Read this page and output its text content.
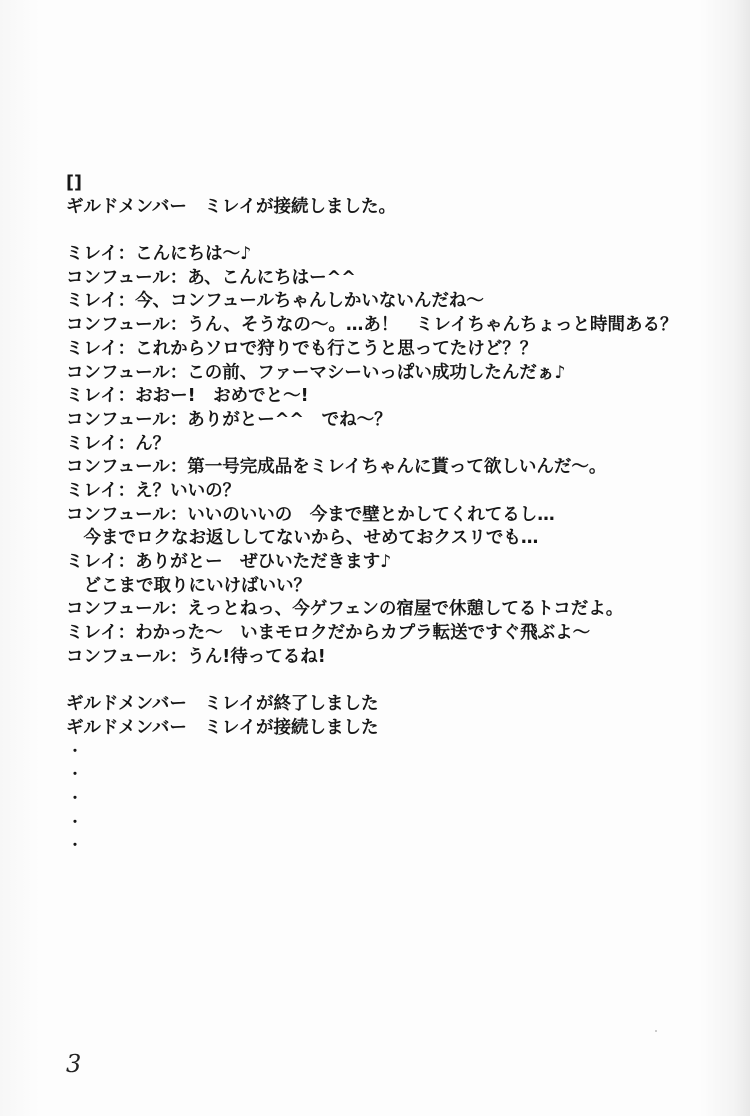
[]
ギルドメンバー　ミレイが接続しました。
ミレイ：こんにちは～♪
コンフュール：あ、こんにちはー^^
ミレイ：今、コンフュールちゃんしかいないんだね～
コンフュール：うん、そうなの～。…あ！　ミレイちゃんちょっと時間ある？
ミレイ：これからソロで狩りでも行こうと思ってたけど？？
コンフュール：この前、ファーマシーいっぱい成功したんだぁ♪
ミレイ：おおー!　おめでと～!
コンフュール：ありがとー^^　でね～？
ミレイ：ん？
コンフュール：第一号完成品をミレイちゃんに貰って欲しいんだ～。
ミレイ：え？いいの？
コンフュール：いいのいいの　今まで壁とかしてくれてるし…
　今までロクなお返ししてないから、せめておクスリでも…
ミレイ：ありがとー　ぜひいただきます♪
　どこまで取りにいけばいい？
コンフュール：えっとねっ、今ゲフェンの宿屋で休憩してるトコだよ。
ミレイ：わかった～　いまモロクだからカプラ転送ですぐ飛ぶよ～
コンフュール：うん!待ってるね!
ギルドメンバー　ミレイが終了しました
ギルドメンバー　ミレイが接続しました
・
・
・
・
・
3
